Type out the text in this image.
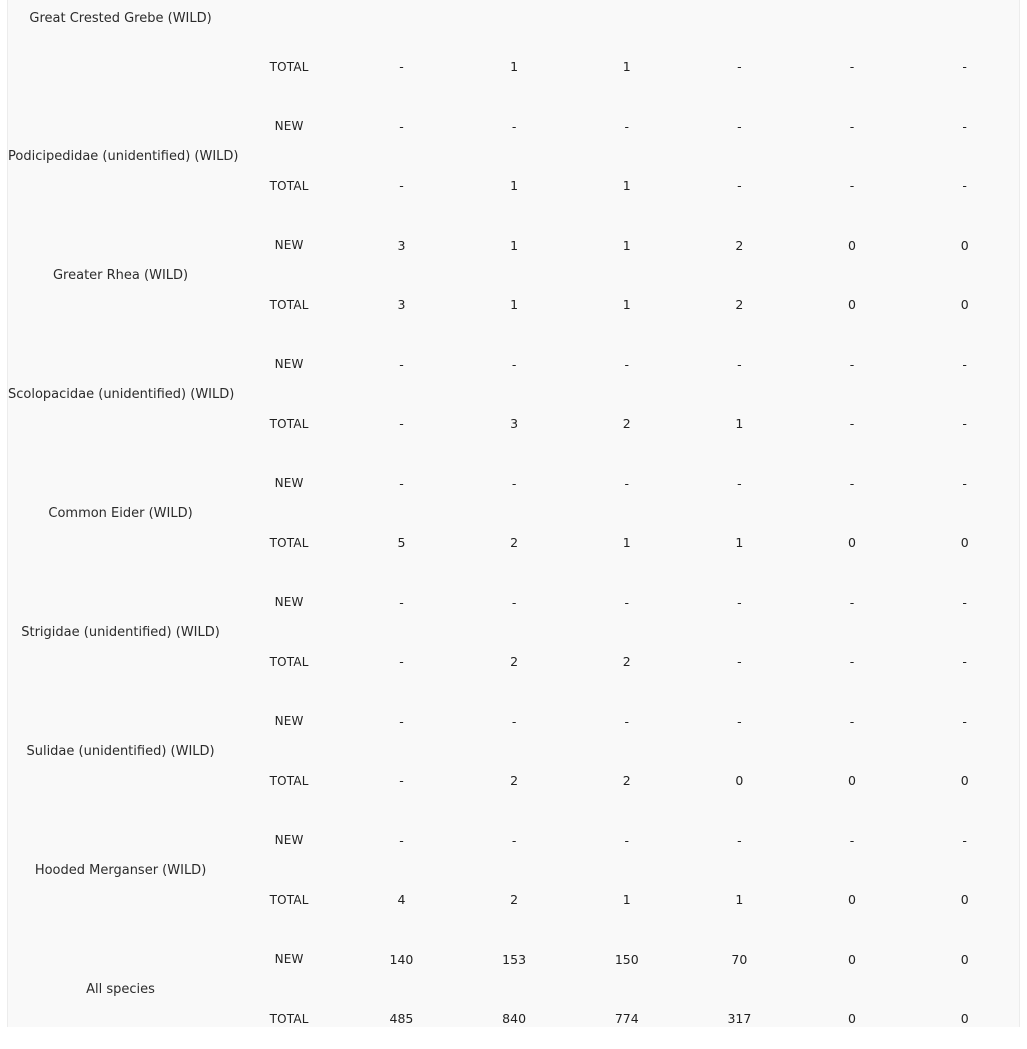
Great Crested Grebe (WILD)							
	TOTAL	-	1	1	-	-	-
Podicipedidae (unidentified) (WILD)	NEW	-	-	-	-	-	-
	TOTAL	-	1	1	-	-	-
Greater Rhea (WILD)	NEW	3	1	1	2	0	0
	TOTAL	3	1	1	2	0	0
Scolopacidae (unidentified) (WILD)	NEW	-	-	-	-	-	-
	TOTAL	-	3	2	1	-	-
Common Eider (WILD)	NEW	-	-	-	-	-	-
	TOTAL	5	2	1	1	0	0
Strigidae (unidentified) (WILD)	NEW	-	-	-	-	-	-
	TOTAL	-	2	2	-	-	-
Sulidae (unidentified) (WILD)	NEW	-	-	-	-	-	-
	TOTAL	-	2	2	0	0	0
Hooded Merganser (WILD)	NEW	-	-	-	-	-	-
	TOTAL	4	2	1	1	0	0
All species	NEW	140	153	150	70	0	0
	TOTAL	485	840	774	317	0	0
